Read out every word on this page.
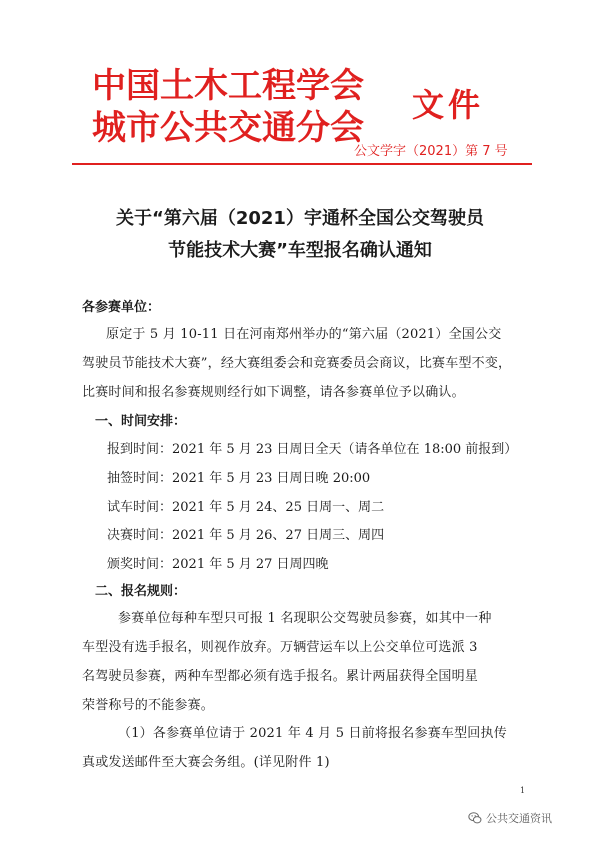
中国土木工程学会
城市公共交通分会
文件
公文学字（2021）第 7 号
关于“第六届（2021）宇通杯全国公交驾驶员
节能技术大赛”车型报名确认通知
各参赛单位：
原定于 5 月 10-11 日在河南郑州举办的“第六届（2021）全国公交
驾驶员节能技术大赛”，经大赛组委会和竞赛委员会商议，比赛车型不变，
比赛时间和报名参赛规则经行如下调整，请各参赛单位予以确认。
一、时间安排：
报到时间：2021 年 5 月 23 日周日全天（请各单位在 18:00 前报到）
抽签时间：2021 年 5 月 23 日周日晚 20:00
试车时间：2021 年 5 月 24、25 日周一、周二
决赛时间：2021 年 5 月 26、27 日周三、周四
颁奖时间：2021 年 5 月 27 日周四晚
二、报名规则：
参赛单位每种车型只可报 1 名现职公交驾驶员参赛，如其中一种
车型没有选手报名，则视作放弃。万辆营运车以上公交单位可选派 3
名驾驶员参赛，两种车型都必须有选手报名。累计两届获得全国明星
荣誉称号的不能参赛。
（1）各参赛单位请于 2021 年 4 月 5 日前将报名参赛车型回执传
真或发送邮件至大赛会务组。(详见附件 1)
1
公共交通资讯
